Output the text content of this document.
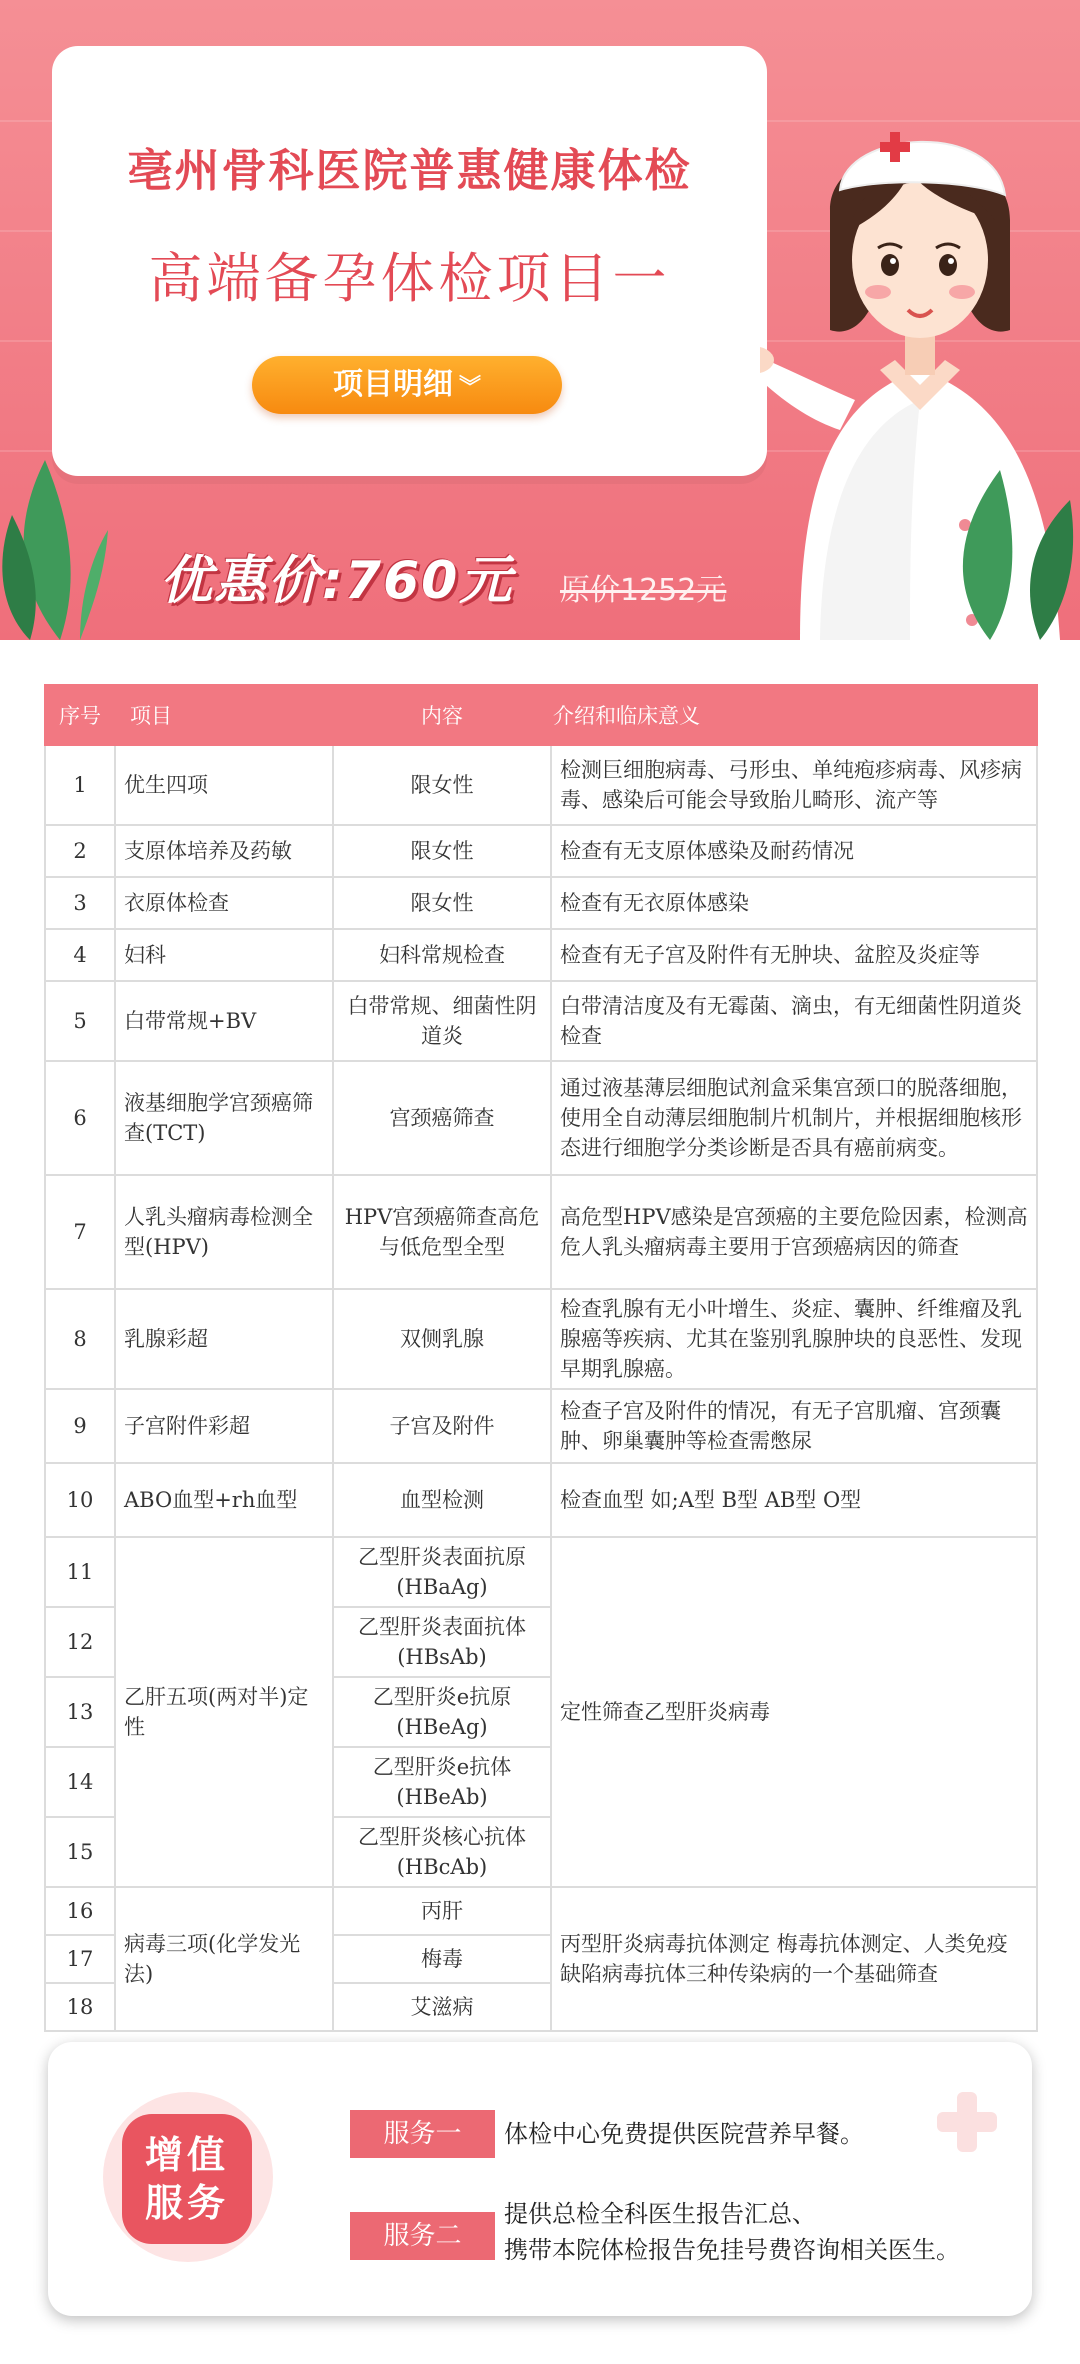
亳州骨科医院普惠健康体检
高端备孕体检项目一
项目明细 ︾
优惠价:760元 原价1252元
序号	项目	内容	介绍和临床意义
1	优生四项	限女性	检测巨细胞病毒、弓形虫、单纯疱疹病毒、风疹病毒、感染后可能会导致胎儿畸形、流产等
2	支原体培养及药敏	限女性	检查有无支原体感染及耐药情况
3	衣原体检查	限女性	检查有无衣原体感染
4	妇科	妇科常规检查	检查有无子宫及附件有无肿块、盆腔及炎症等
5	白带常规+BV	白带常规、细菌性阴道炎	白带清洁度及有无霉菌、滴虫，有无细菌性阴道炎检查
6	液基细胞学宫颈癌筛查(TCT)	宫颈癌筛查	通过液基薄层细胞试剂盒采集宫颈口的脱落细胞，使用全自动薄层细胞制片机制片，并根据细胞核形态进行细胞学分类诊断是否具有癌前病变。
7	人乳头瘤病毒检测全型(HPV)	HPV宫颈癌筛查高危与低危型全型	高危型HPV感染是宫颈癌的主要危险因素，检测高危人乳头瘤病毒主要用于宫颈癌病因的筛查
8	乳腺彩超	双侧乳腺	检查乳腺有无小叶增生、炎症、囊肿、纤维瘤及乳腺癌等疾病、尤其在鉴别乳腺肿块的良恶性、发现早期乳腺癌。
9	子宫附件彩超	子宫及附件	检查子宫及附件的情况，有无子宫肌瘤、宫颈囊肿、卵巢囊肿等检查需憋尿
10	ABO血型+rh血型	血型检测	检查血型 如;A型 B型 AB型 O型
11	乙肝五项(两对半)定性	乙型肝炎表面抗原(HBaAg)	定性筛查乙型肝炎病毒
12		乙型肝炎表面抗体(HBsAb)	
13		乙型肝炎e抗原(HBeAg)	
14		乙型肝炎e抗体(HBeAb)	
15		乙型肝炎核心抗体(HBcAb)	
16	病毒三项(化学发光法)	丙肝	丙型肝炎病毒抗体测定 梅毒抗体测定、人类免疫缺陷病毒抗体三种传染病的一个基础筛查
17		梅毒	
18		艾滋病	
增值
服务
服务一	体检中心免费提供医院营养早餐。
服务二
提供总检全科医生报告汇总、
携带本院体检报告免挂号费咨询相关医生。
